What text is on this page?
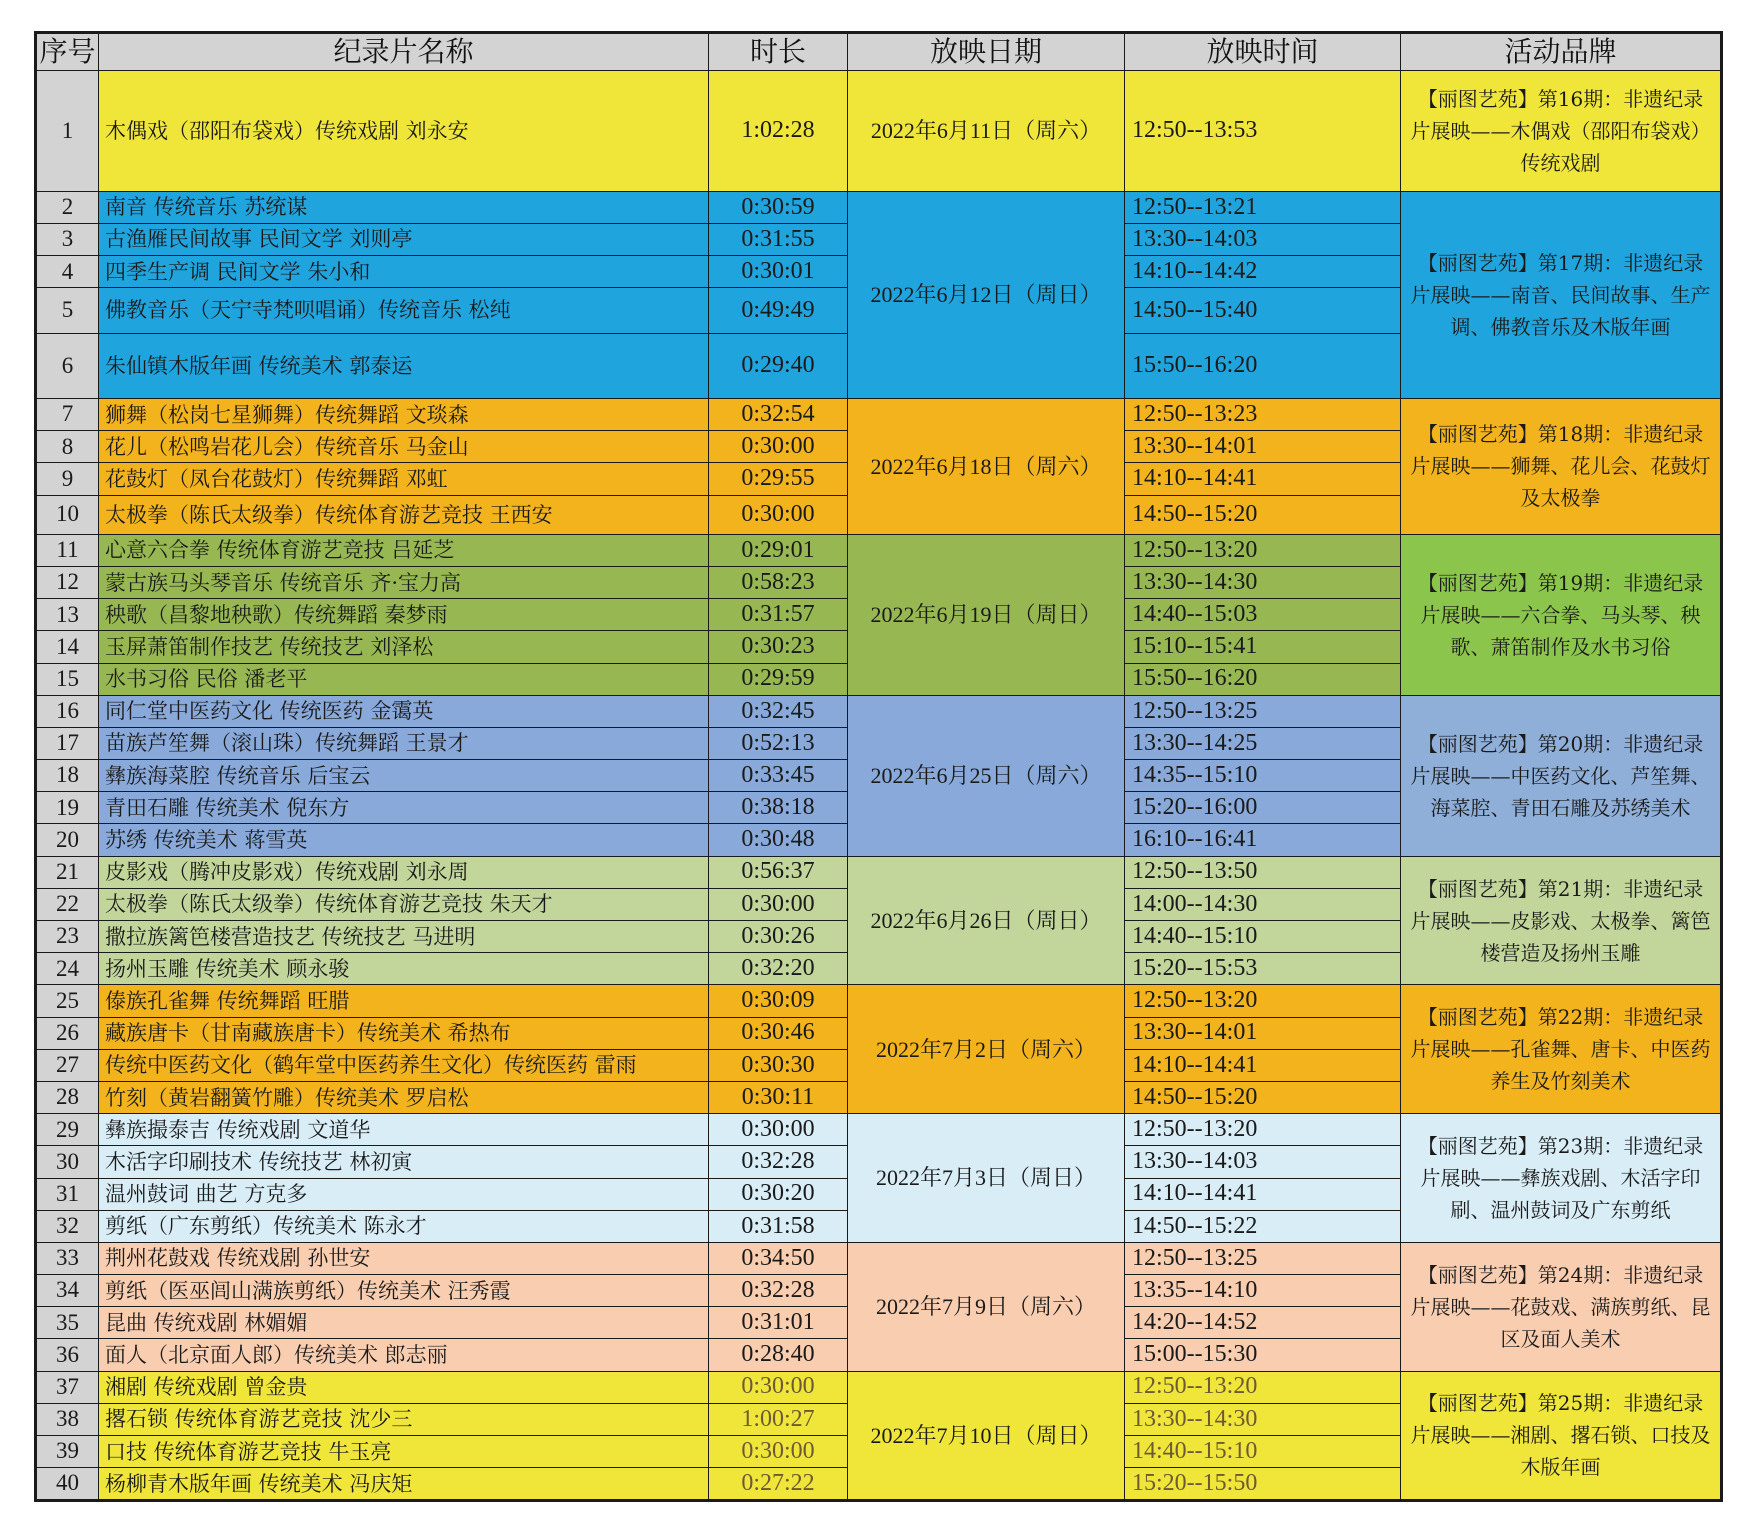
序号	纪录片名称	时长	放映日期	放映时间	活动品牌
1	木偶戏（邵阳布袋戏）传统戏剧 刘永安	1:02:28	2022年6月11日（周六）	12:50--13:53	【丽图艺苑】第16期：非遗纪录片展映——木偶戏（邵阳布袋戏）传统戏剧
2	南音 传统音乐 苏统谋	0:30:59	2022年6月12日（周日）	12:50--13:21	【丽图艺苑】第17期：非遗纪录片展映——南音、民间故事、生产调、佛教音乐及木版年画
3	古渔雁民间故事 民间文学 刘则亭	0:31:55		13:30--14:03	
4	四季生产调 民间文学 朱小和	0:30:01		14:10--14:42	
5	佛教音乐（天宁寺梵呗唱诵）传统音乐 松纯	0:49:49		14:50--15:40	
6	朱仙镇木版年画 传统美术 郭泰运	0:29:40		15:50--16:20	
7	狮舞（松岗七星狮舞）传统舞蹈 文琰森	0:32:54	2022年6月18日（周六）	12:50--13:23	【丽图艺苑】第18期：非遗纪录片展映——狮舞、花儿会、花鼓灯及太极拳
8	花儿（松鸣岩花儿会）传统音乐 马金山	0:30:00		13:30--14:01	
9	花鼓灯（凤台花鼓灯）传统舞蹈 邓虹	0:29:55		14:10--14:41	
10	太极拳（陈氏太级拳）传统体育游艺竞技 王西安	0:30:00		14:50--15:20	
11	心意六合拳 传统体育游艺竞技 吕延芝	0:29:01	2022年6月19日（周日）	12:50--13:20	【丽图艺苑】第19期：非遗纪录片展映——六合拳、马头琴、秧歌、萧笛制作及水书习俗
12	蒙古族马头琴音乐 传统音乐 齐·宝力高	0:58:23		13:30--14:30	
13	秧歌（昌黎地秧歌）传统舞蹈 秦梦雨	0:31:57		14:40--15:03	
14	玉屏萧笛制作技艺 传统技艺 刘泽松	0:30:23		15:10--15:41	
15	水书习俗 民俗 潘老平	0:29:59		15:50--16:20	
16	同仁堂中医药文化 传统医药 金霭英	0:32:45	2022年6月25日（周六）	12:50--13:25	【丽图艺苑】第20期：非遗纪录片展映——中医药文化、芦笙舞、海菜腔、青田石雕及苏绣美术
17	苗族芦笙舞（滚山珠）传统舞蹈 王景才	0:52:13		13:30--14:25	
18	彝族海菜腔 传统音乐 后宝云	0:33:45		14:35--15:10	
19	青田石雕 传统美术 倪东方	0:38:18		15:20--16:00	
20	苏绣 传统美术 蒋雪英	0:30:48		16:10--16:41	
21	皮影戏（腾冲皮影戏）传统戏剧 刘永周	0:56:37	2022年6月26日（周日）	12:50--13:50	【丽图艺苑】第21期：非遗纪录片展映——皮影戏、太极拳、篱笆楼营造及扬州玉雕
22	太极拳（陈氏太级拳）传统体育游艺竞技 朱天才	0:30:00		14:00--14:30	
23	撒拉族篱笆楼营造技艺 传统技艺 马进明	0:30:26		14:40--15:10	
24	扬州玉雕 传统美术 顾永骏	0:32:20		15:20--15:53	
25	傣族孔雀舞 传统舞蹈 旺腊	0:30:09	2022年7月2日（周六）	12:50--13:20	【丽图艺苑】第22期：非遗纪录片展映——孔雀舞、唐卡、中医药养生及竹刻美术
26	藏族唐卡（甘南藏族唐卡）传统美术 希热布	0:30:46		13:30--14:01	
27	传统中医药文化（鹤年堂中医药养生文化）传统医药 雷雨	0:30:30		14:10--14:41	
28	竹刻（黄岩翻簧竹雕）传统美术 罗启松	0:30:11		14:50--15:20	
29	彝族撮泰吉 传统戏剧 文道华	0:30:00	2022年7月3日（周日）	12:50--13:20	【丽图艺苑】第23期：非遗纪录片展映——彝族戏剧、木活字印刷、温州鼓词及广东剪纸
30	木活字印刷技术 传统技艺 林初寅	0:32:28		13:30--14:03	
31	温州鼓词 曲艺 方克多	0:30:20		14:10--14:41	
32	剪纸（广东剪纸）传统美术 陈永才	0:31:58		14:50--15:22	
33	荆州花鼓戏 传统戏剧 孙世安	0:34:50	2022年7月9日（周六）	12:50--13:25	【丽图艺苑】第24期：非遗纪录片展映——花鼓戏、满族剪纸、昆区及面人美术
34	剪纸（医巫闾山满族剪纸）传统美术 汪秀霞	0:32:28		13:35--14:10	
35	昆曲 传统戏剧 林媚媚	0:31:01		14:20--14:52	
36	面人（北京面人郎）传统美术 郎志丽	0:28:40		15:00--15:30	
37	湘剧 传统戏剧 曾金贵	0:30:00	2022年7月10日（周日）	12:50--13:20	【丽图艺苑】第25期：非遗纪录片展映——湘剧、撂石锁、口技及木版年画
38	撂石锁 传统体育游艺竞技 沈少三	1:00:27		13:30--14:30	
39	口技 传统体育游艺竞技 牛玉亮	0:30:00		14:40--15:10	
40	杨柳青木版年画 传统美术 冯庆矩	0:27:22		15:20--15:50	
